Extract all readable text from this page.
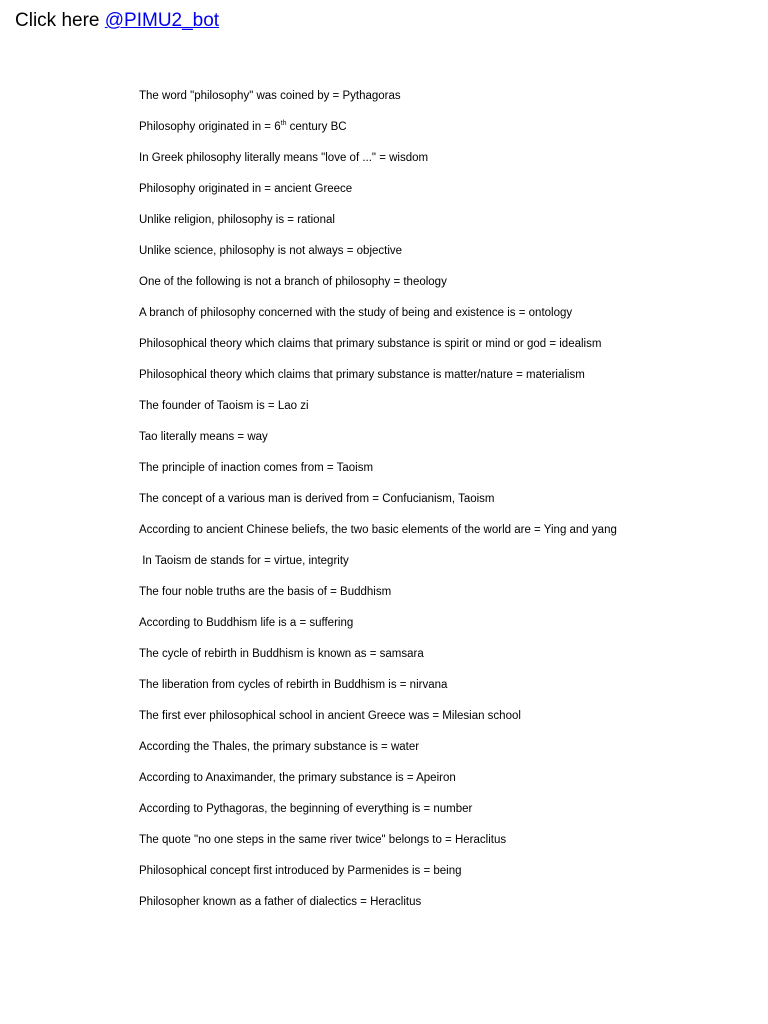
Click here @PIMU2_bot
The word "philosophy" was coined by = Pythagoras
Philosophy originated in = 6th century BC
In Greek philosophy literally means "love of ..." = wisdom
Philosophy originated in = ancient Greece
Unlike religion, philosophy is = rational
Unlike science, philosophy is not always = objective
One of the following is not a branch of philosophy = theology
A branch of philosophy concerned with the study of being and existence is = ontology
Philosophical theory which claims that primary substance is spirit or mind or god = idealism
Philosophical theory which claims that primary substance is matter/nature = materialism
The founder of Taoism is = Lao zi
Tao literally means = way
The principle of inaction comes from = Taoism
The concept of a various man is derived from = Confucianism, Taoism
According to ancient Chinese beliefs, the two basic elements of the world are = Ying and yang
In Taoism de stands for = virtue, integrity
The four noble truths are the basis of = Buddhism
According to Buddhism life is a = suffering
The cycle of rebirth in Buddhism is known as = samsara
The liberation from cycles of rebirth in Buddhism is = nirvana
The first ever philosophical school in ancient Greece was = Milesian school
According the Thales, the primary substance is = water
According to Anaximander, the primary substance is = Apeiron
According to Pythagoras, the beginning of everything is = number
The quote "no one steps in the same river twice" belongs to = Heraclitus
Philosophical concept first introduced by Parmenides is = being
Philosopher known as a father of dialectics = Heraclitus
